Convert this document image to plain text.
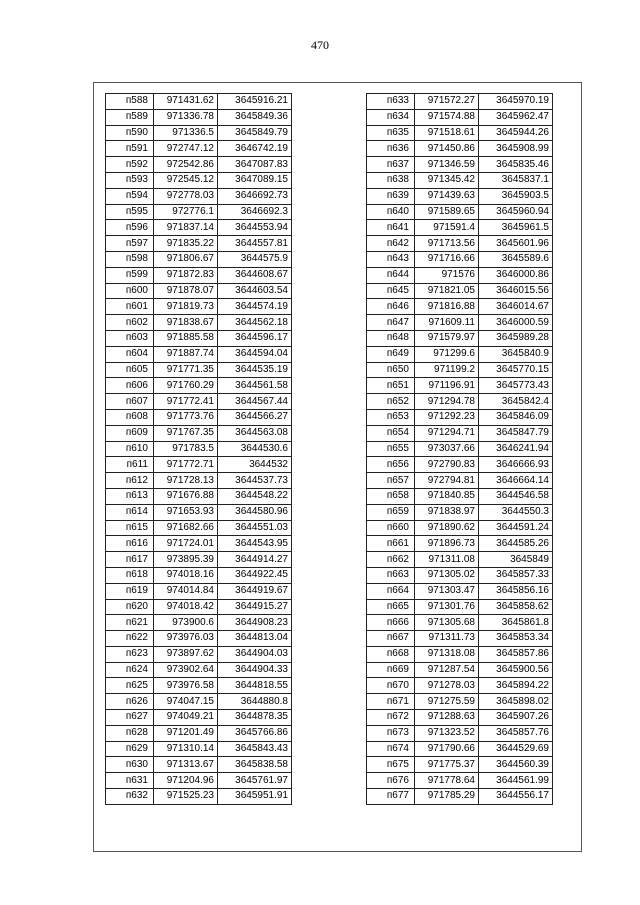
470
п588	971431.62	3645916.21
п589	971336.78	3645849.36
п590	971336.5	3645849.79
п591	972747.12	3646742.19
п592	972542.86	3647087.83
п593	972545.12	3647089.15
п594	972778.03	3646692.73
п595	972776.1	3646692.3
п596	971837.14	3644553.94
п597	971835.22	3644557.81
п598	971806.67	3644575.9
п599	971872.83	3644608.67
п600	971878.07	3644603.54
п601	971819.73	3644574.19
п602	971838.67	3644562.18
п603	971885.58	3644596.17
п604	971887.74	3644594.04
п605	971771.35	3644535.19
п606	971760.29	3644561.58
п607	971772.41	3644567.44
п608	971773.76	3644566.27
п609	971767.35	3644563.08
п610	971783.5	3644530.6
п611	971772.71	3644532
п612	971728.13	3644537.73
п613	971676.88	3644548.22
п614	971653.93	3644580.96
п615	971682.66	3644551.03
п616	971724.01	3644543.95
п617	973895.39	3644914.27
п618	974018.16	3644922.45
п619	974014.84	3644919.67
п620	974018.42	3644915.27
п621	973900.6	3644908.23
п622	973976.03	3644813.04
п623	973897.62	3644904.03
п624	973902.64	3644904.33
п625	973976.58	3644818.55
п626	974047.15	3644880.8
п627	974049.21	3644878.35
п628	971201.49	3645766.86
п629	971310.14	3645843.43
п630	971313.67	3645838.58
п631	971204.96	3645761.97
п632	971525.23	3645951.91
п633	971572.27	3645970.19
п634	971574.88	3645962.47
п635	971518.61	3645944.26
п636	971450.86	3645908.99
п637	971346.59	3645835.46
п638	971345.42	3645837.1
п639	971439.63	3645903.5
п640	971589.65	3645960.94
п641	971591.4	3645961.5
п642	971713.56	3645601.96
п643	971716.66	3645589.6
п644	971576	3646000.86
п645	971821.05	3646015.56
п646	971816.88	3646014.67
п647	971609.11	3646000.59
п648	971579.97	3645989.28
п649	971299.6	3645840.9
п650	971199.2	3645770.15
п651	971196.91	3645773.43
п652	971294.78	3645842.4
п653	971292.23	3645846.09
п654	971294.71	3645847.79
п655	973037.66	3646241.94
п656	972790.83	3646666.93
п657	972794.81	3646664.14
п658	971840.85	3644546.58
п659	971838.97	3644550.3
п660	971890.62	3644591.24
п661	971896.73	3644585.26
п662	971311.08	3645849
п663	971305.02	3645857.33
п664	971303.47	3645856.16
п665	971301.76	3645858.62
п666	971305.68	3645861.8
п667	971311.73	3645853.34
п668	971318.08	3645857.86
п669	971287.54	3645900.56
п670	971278.03	3645894.22
п671	971275.59	3645898.02
п672	971288.63	3645907.26
п673	971323.52	3645857.76
п674	971790.66	3644529.69
п675	971775.37	3644560.39
п676	971778.64	3644561.99
п677	971785.29	3644556.17
